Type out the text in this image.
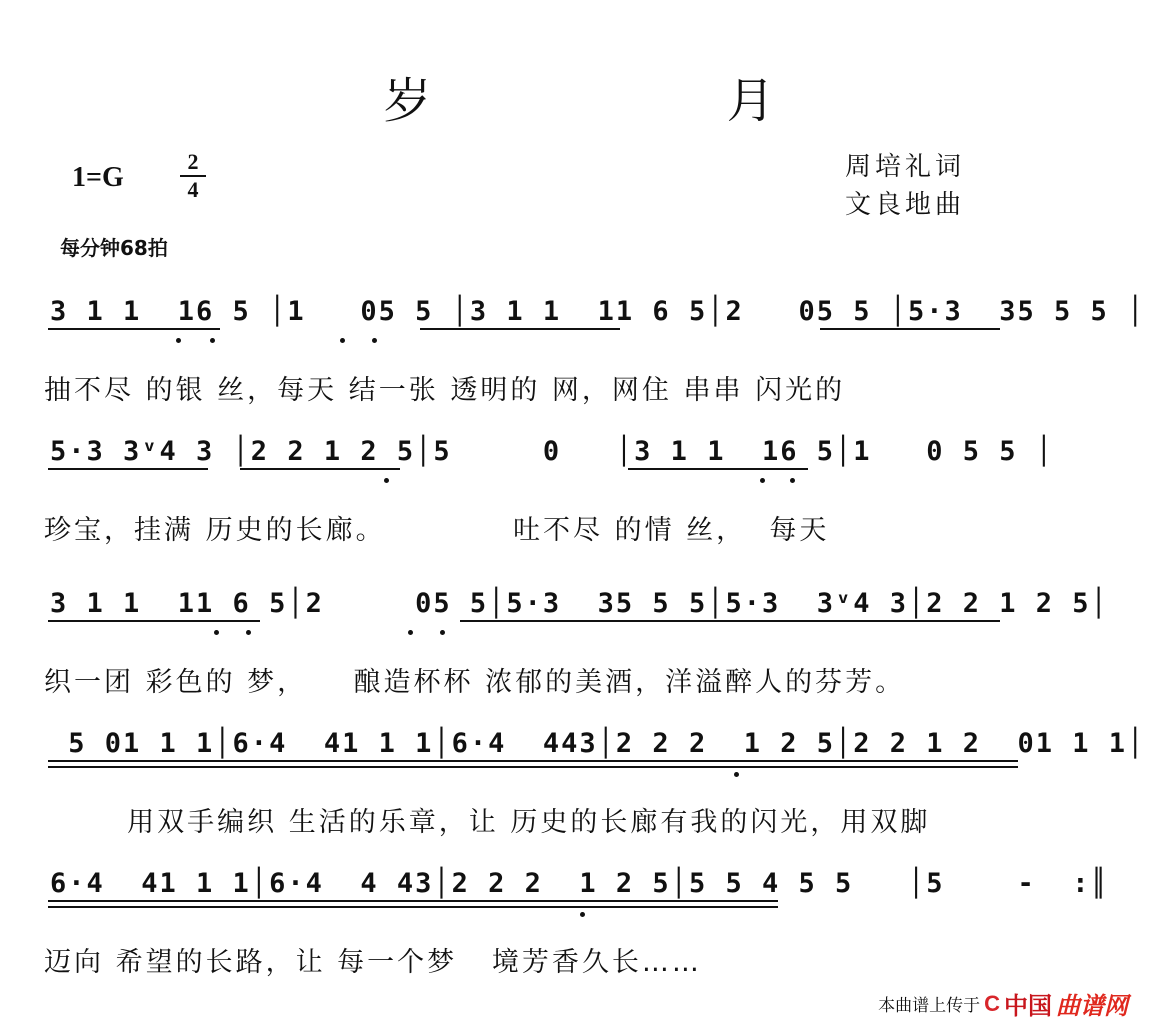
岁 月
1=G
2
4
周培礼词
文良地曲
每分钟68拍
3 1 1  16 5 │1   05 5 │3 1 1  11 6 5│2   05 5 │5·3  35 5 5 │
抽不尽 的银 丝，每天 结一张 透明的 网，网住 串串 闪光的
5·3 3ᵛ4 3 │2 2 1 2 5│5     0   │3 1 1  16 5│1   0 5 5 │
珍宝，挂满 历史的长廊。           吐不尽 的情 丝，  每天
3 1 1  11 6 5│2     05 5│5·3  35 5 5│5·3  3ᵛ4 3│2 2 1 2 5│
织一团 彩色的 梦，    酿造杯杯 浓郁的美酒，洋溢醉人的芬芳。
5 01 1 1│6·4  41 1 1│6·4  443│2 2 2  1 2 5│2 2 1 2  01 1 1│
用双手编织 生活的乐章，让 历史的长廊有我的闪光，用双脚
6·4  41 1 1│6·4  4 43│2 2 2  1 2 5│5 5 4 5 5   │5    -  :║
迈向 希望的长路，让 每一个梦   境芳香久长……
本曲谱上传于 C 中国 曲谱网
